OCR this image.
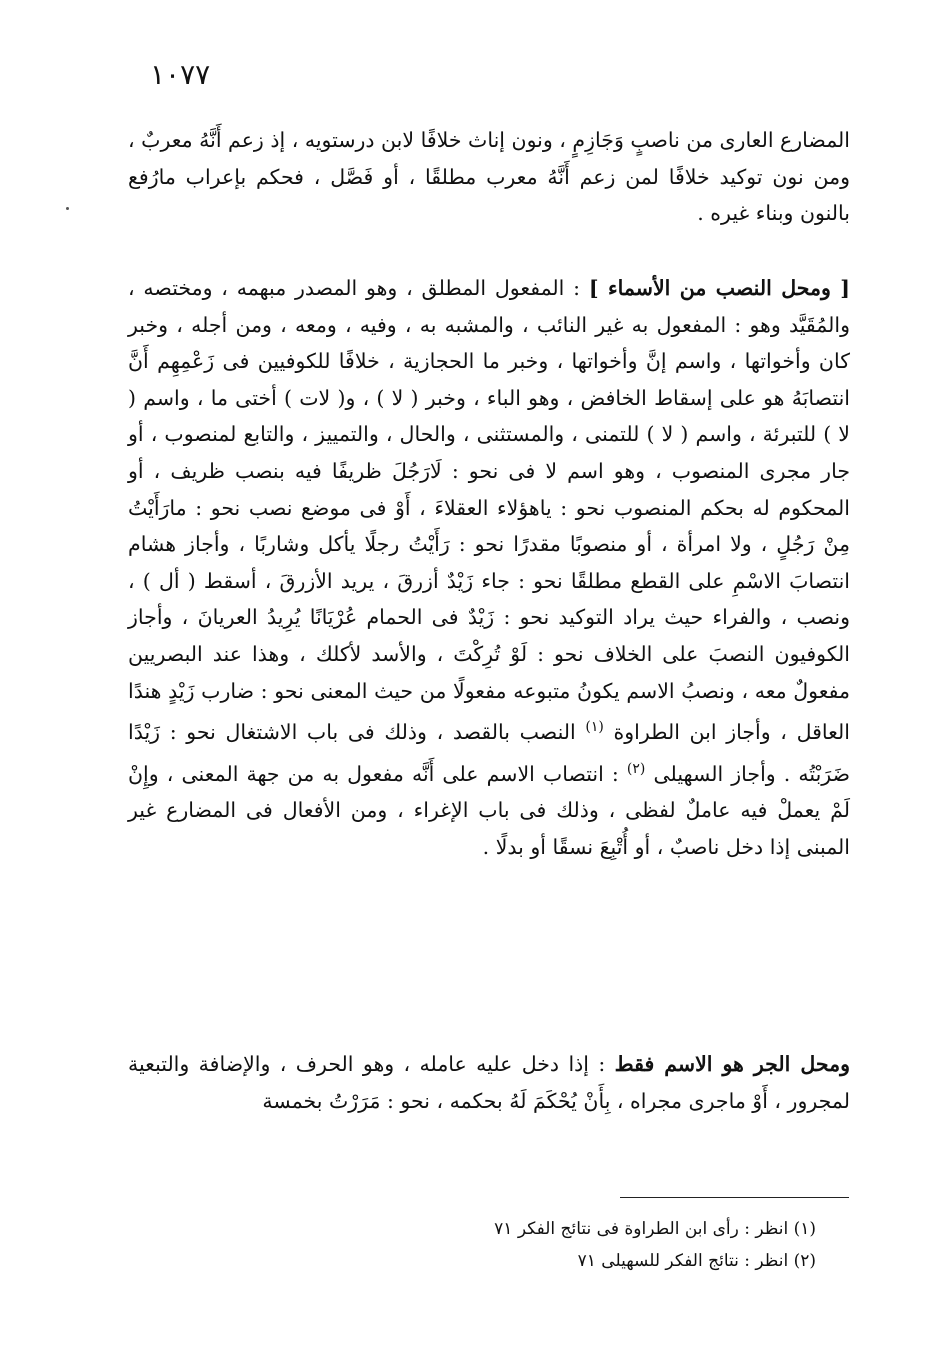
١٠٧٧

المضارع العارى من ناصبٍ وَجَازِمٍ ، ونون إناث خلافًا لابن درستويه ، إذ زعم أَنَّهُ معربٌ ، ومن نون توكيد خلافًا لمن زعم أَنَّهُ معرب مطلقًا ، أو فَصَّل ، فحكم بإعراب مارُفع بالنون وبناء غيره .

[ ومحل النصب من الأسماء ] : المفعول المطلق ، وهو المصدر مبهمه ، ومختصه ، والمُقَيَّد وهو : المفعول به غير النائب ، والمشبه به ، وفيه ، ومعه ، ومن أجله ، وخبر كان وأخواتها ، واسم إنَّ وأخواتها ، وخبر ما الحجازية ، خلافًا للكوفيين فى زَعْمِهِم أَنَّ انتصابَهُ هو على إسقاط الخافض ، وهو الباء ، وخبر ( لا ) ، و( لات ) أختى ما ، واسم ( لا ) للتبرئة ، واسم ( لا ) للتمنى ، والمستثنى ، والحال ، والتمييز ، والتابع لمنصوب ، أو جار مجرى المنصوب ، وهو اسم لا فى نحو : لَارَجُلَ ظريفًا فيه بنصب ظريف ، أو المحكوم له بحكم المنصوب نحو : ياهؤلاء العقلاءَ ، أَوْ فى موضع نصب نحو : مارَأَيْتُ مِنْ رَجُلٍ ، ولا امرأة ، أو منصوبًا مقدرًا نحو : رَأَيْتُ رجلًا يأكل وشاربًا ، وأجاز هشام انتصابَ الاسْمِ على القطع مطلقًا نحو : جاء زَيْدٌ أزرقَ ، يريد الأزرقَ ، أسقط ( أل ) ، ونصب ، والفراء حيث يراد التوكيد نحو : زَيْدٌ فى الحمام عُرْيَانًا يُرِيدُ العريانَ ، وأجاز الكوفيون النصبَ على الخلاف نحو : لَوْ تُرِكْتَ ، والأسد لأكلك ، وهذا عند البصريين مفعولٌ معه ، ونصبُ الاسم يكونُ متبوعه مفعولًا من حيث المعنى نحو : ضارب زَيْدٍ هندًا العاقل ، وأجاز ابن الطراوة $^{(١)}$ النصب بالقصد ، وذلك فى باب الاشتغال نحو : زَيْدًا ضَرَبْتُه . وأجاز السهيلى $^{(٢)}$ : انتصاب الاسم على أَنَّه مفعول به من جهة المعنى ، وإِنْ لَمْ يعملْ فيه عاملٌ لفظى ، وذلك فى باب الإغراء ، ومن الأفعال فى المضارع غير المبنى إذا دخل ناصبٌ ، أو أُتْبِعَ نسقًا أو بدلًا .

ومحل الجر هو الاسم فقط : إذا دخل عليه عامله ، وهو الحرف ، والإضافة والتبعية لمجرور ، أَوْ ماجرى مجراه ، بِأَنْ يُحْكَمَ لَهُ بحكمه ، نحو : مَرَرْتُ بخمسة

(١) انظر : رأى ابن الطراوة فى نتائج الفكر ٧١

(٢) انظر : نتائج الفكر للسهيلى ٧١
